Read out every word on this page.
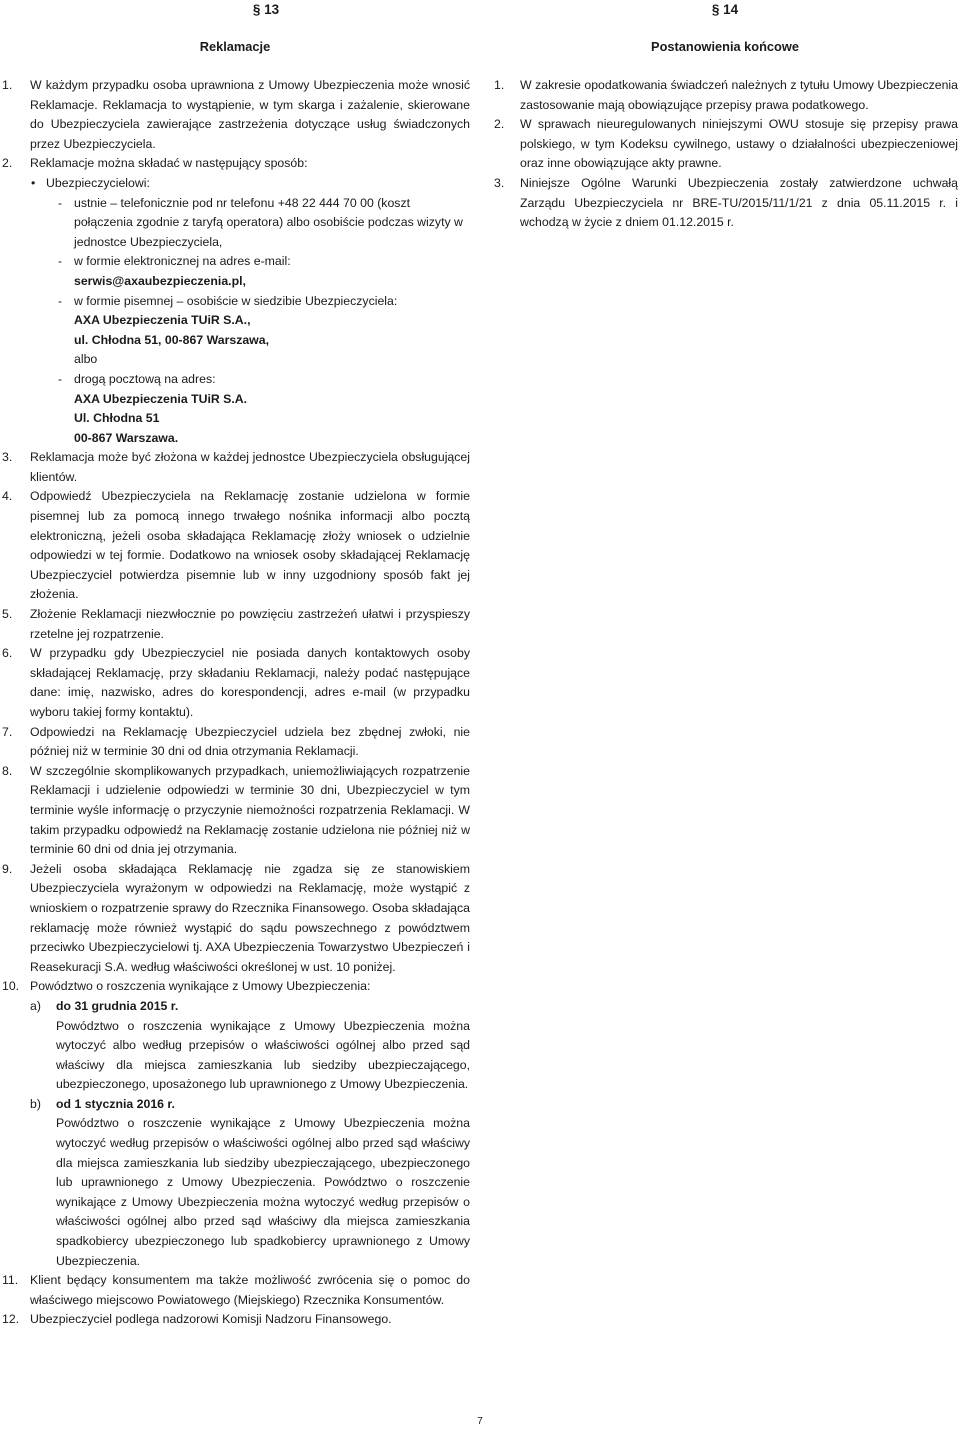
§ 13
Reklamacje

1. W każdym przypadku osoba uprawniona z Umowy Ubezpieczenia może wnosić Reklamacje. Reklamacja to wystąpienie, w tym skarga i zażalenie, skierowane do Ubezpieczyciela zawierające zastrzeżenia dotyczące usług świadczonych przez Ubezpieczyciela.

2. Reklamacje można składać w następujący sposób:

• Ubezpieczycielowi:

- ustnie – telefonicznie pod nr telefonu +48 22 444 70 00 (koszt połączenia zgodnie z taryfą operatora) albo osobiście podczas wizyty w jednostce Ubezpieczyciela,

- w formie elektronicznej na adres e-mail:

serwis@axaubezpieczenia.pl,

- w formie pisemnej – osobiście w siedzibie Ubezpieczyciela:

AXA Ubezpieczenia TUiR S.A.,

ul. Chłodna 51, 00-867 Warszawa,

albo

- drogą pocztową na adres:

AXA Ubezpieczenia TUiR S.A.

Ul. Chłodna 51

00-867 Warszawa.

3. Reklamacja może być złożona w każdej jednostce Ubezpieczyciela obsługującej klientów.

4. Odpowiedź Ubezpieczyciela na Reklamację zostanie udzielona w formie pisemnej lub za pomocą innego trwałego nośnika informacji albo pocztą elektroniczną, jeżeli osoba składająca Reklamację złoży wniosek o udzielnie odpowiedzi w tej formie. Dodatkowo na wniosek osoby składającej Reklamację Ubezpieczyciel potwierdza pisemnie lub w inny uzgodniony sposób fakt jej złożenia.

5. Złożenie Reklamacji niezwłocznie po powzięciu zastrzeżeń ułatwi i przyspieszy rzetelne jej rozpatrzenie.

6. W przypadku gdy Ubezpieczyciel nie posiada danych kontaktowych osoby składającej Reklamację, przy składaniu Reklamacji, należy podać następujące dane: imię, nazwisko, adres do korespondencji, adres e-mail (w przypadku wyboru takiej formy kontaktu).

7. Odpowiedzi na Reklamację Ubezpieczyciel udziela bez zbędnej zwłoki, nie później niż w terminie 30 dni od dnia otrzymania Reklamacji.

8. W szczególnie skomplikowanych przypadkach, uniemożliwiających rozpatrzenie Reklamacji i udzielenie odpowiedzi w terminie 30 dni, Ubezpieczyciel w tym terminie wyśle informację o przyczynie niemożności rozpatrzenia Reklamacji. W takim przypadku odpowiedź na Reklamację zostanie udzielona nie później niż w terminie 60 dni od dnia jej otrzymania.

9. Jeżeli osoba składająca Reklamację nie zgadza się ze stanowiskiem Ubezpieczyciela wyrażonym w odpowiedzi na Reklamację, może wystąpić z wnioskiem o rozpatrzenie sprawy do Rzecznika Finansowego. Osoba składająca reklamację może również wystąpić do sądu powszechnego z powództwem przeciwko Ubezpieczycielowi tj. AXA Ubezpieczenia Towarzystwo Ubezpieczeń i Reasekuracji S.A. według właściwości określonej w ust. 10 poniżej.

10. Powództwo o roszczenia wynikające z Umowy Ubezpieczenia:

a) do 31 grudnia 2015 r.

Powództwo o roszczenia wynikające z Umowy Ubezpieczenia można wytoczyć albo według przepisów o właściwości ogólnej albo przed sąd właściwy dla miejsca zamieszkania lub siedziby ubezpieczającego, ubezpieczonego, uposażonego lub uprawnionego z Umowy Ubezpieczenia.

b) od 1 stycznia 2016 r.

Powództwo o roszczenie wynikające z Umowy Ubezpieczenia można wytoczyć według przepisów o właściwości ogólnej albo przed sąd właściwy dla miejsca zamieszkania lub siedziby ubezpieczającego, ubezpieczonego lub uprawnionego z Umowy Ubezpieczenia. Powództwo o roszczenie wynikające z Umowy Ubezpieczenia można wytoczyć według przepisów o właściwości ogólnej albo przed sąd właściwy dla miejsca zamieszkania spadkobiercy ubezpieczonego lub spadkobiercy uprawnionego z Umowy Ubezpieczenia.

11. Klient będący konsumentem ma także możliwość zwrócenia się o pomoc do właściwego miejscowo Powiatowego (Miejskiego) Rzecznika Konsumentów.

12. Ubezpieczyciel podlega nadzorowi Komisji Nadzoru Finansowego.

§ 14
Postanowienia końcowe

1. W zakresie opodatkowania świadczeń należnych z tytułu Umowy Ubezpieczenia zastosowanie mają obowiązujące przepisy prawa podatkowego.

2. W sprawach nieuregulowanych niniejszymi OWU stosuje się przepisy prawa polskiego, w tym Kodeksu cywilnego, ustawy o działalności ubezpieczeniowej oraz inne obowiązujące akty prawne.

3. Niniejsze Ogólne Warunki Ubezpieczenia zostały zatwierdzone uchwałą Zarządu Ubezpieczyciela nr BRE-TU/2015/11/1/21 z dnia 05.11.2015 r. i wchodzą w życie z dniem 01.12.2015 r.

7
